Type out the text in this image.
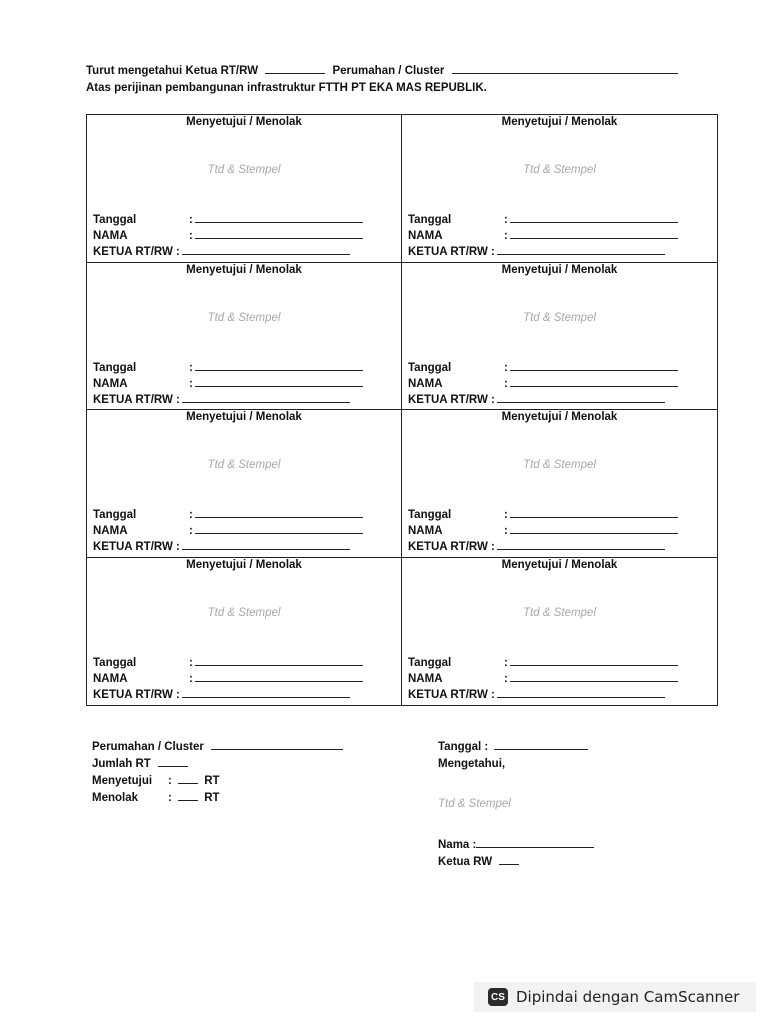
Turut mengetahui Ketua RT/RW	Perumahan / Cluster
Atas perijinan pembangunan infrastruktur FTTH PT EKA MAS REPUBLIK.
Menyetujui / Menolak
Ttd & Stempel
Tanggal	:
NAMA	:
KETUA RT/RW :
Menyetujui / Menolak
Ttd & Stempel
Tanggal	:
NAMA	:
KETUA RT/RW :
Menyetujui / Menolak
Ttd & Stempel
Tanggal	:
NAMA	:
KETUA RT/RW :
Menyetujui / Menolak
Ttd & Stempel
Tanggal	:
NAMA	:
KETUA RT/RW :
Menyetujui / Menolak
Ttd & Stempel
Tanggal	:
NAMA	:
KETUA RT/RW :
Menyetujui / Menolak
Ttd & Stempel
Tanggal	:
NAMA	:
KETUA RT/RW :
Menyetujui / Menolak
Ttd & Stempel
Tanggal	:
NAMA	:
KETUA RT/RW :
Menyetujui / Menolak
Ttd & Stempel
Tanggal	:
NAMA	:
KETUA RT/RW :
Perumahan / Cluster
Jumlah RT
Menyetujui :	RT
Menolak	:	RT
Tanggal :
Mengetahui,
Ttd & Stempel
Nama :
Ketua RW
CS Dipindai dengan CamScanner
